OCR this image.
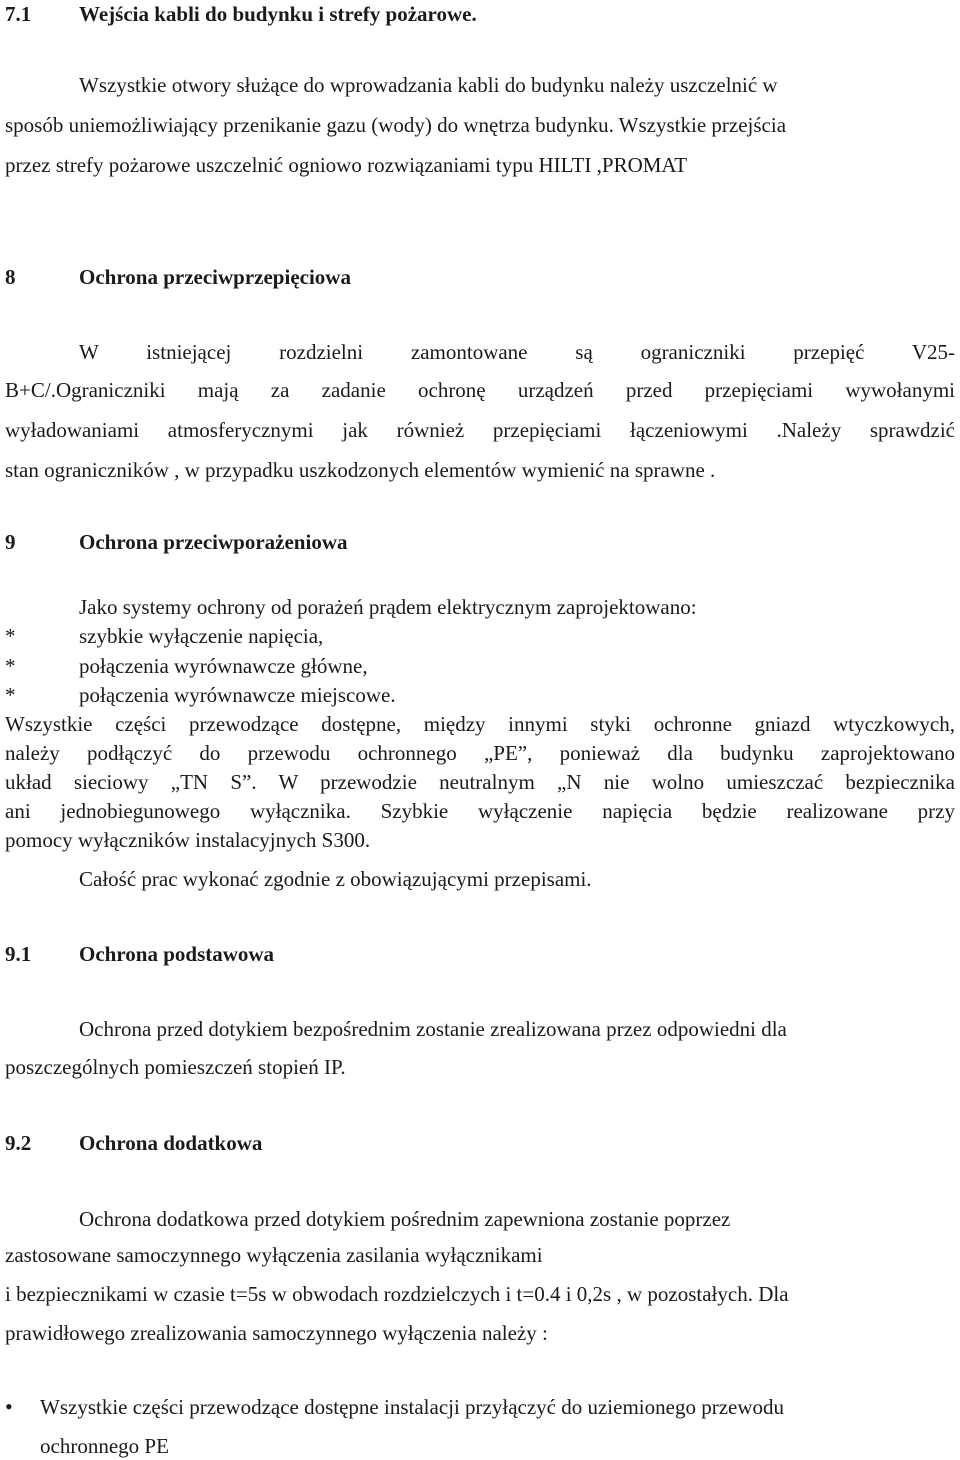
7.1 Wejścia kabli do budynku i strefy pożarowe.
Wszystkie otwory służące do wprowadzania kabli do budynku należy uszczelnić w
sposób uniemożliwiający przenikanie gazu (wody) do wnętrza budynku. Wszystkie przejścia
przez strefy pożarowe uszczelnić ogniowo rozwiązaniami typu HILTI ,PROMAT
8	Ochrona przeciwprzepięciowa
W istniejącej rozdzielni zamontowane są ograniczniki przepięć V25-
B+C/.Ograniczniki mają za zadanie ochronę urządzeń przed przepięciami wywołanymi
wyładowaniami atmosferycznymi jak również przepięciami łączeniowymi .Należy sprawdzić
stan ograniczników , w przypadku uszkodzonych elementów wymienić na sprawne .
9	Ochrona przeciwporażeniowa
Jako systemy ochrony od porażeń prądem elektrycznym zaprojektowano:
*	szybkie wyłączenie napięcia,
*	połączenia wyrównawcze główne,
*	połączenia wyrównawcze miejscowe.
Wszystkie części przewodzące dostępne, między innymi styki ochronne gniazd wtyczkowych,
należy podłączyć do przewodu ochronnego „PE”, ponieważ dla budynku zaprojektowano
układ sieciowy „TN S”. W przewodzie neutralnym „N nie wolno umieszczać bezpiecznika
ani jednobiegunowego wyłącznika. Szybkie wyłączenie napięcia będzie realizowane przy
pomocy wyłączników instalacyjnych S300.
Całość prac wykonać zgodnie z obowiązującymi przepisami.
9.1 Ochrona podstawowa
Ochrona przed dotykiem bezpośrednim zostanie zrealizowana przez odpowiedni dla
poszczególnych pomieszczeń stopień IP.
9.2 Ochrona dodatkowa
Ochrona dodatkowa przed dotykiem pośrednim zapewniona zostanie poprzez
zastosowane samoczynnego wyłączenia zasilania wyłącznikami
i bezpiecznikami w czasie t=5s w obwodach rozdzielczych i t=0.4 i 0,2s , w pozostałych. Dla
prawidłowego zrealizowania samoczynnego wyłączenia należy :
• Wszystkie części przewodzące dostępne instalacji przyłączyć do uziemionego przewodu
ochronnego PE
